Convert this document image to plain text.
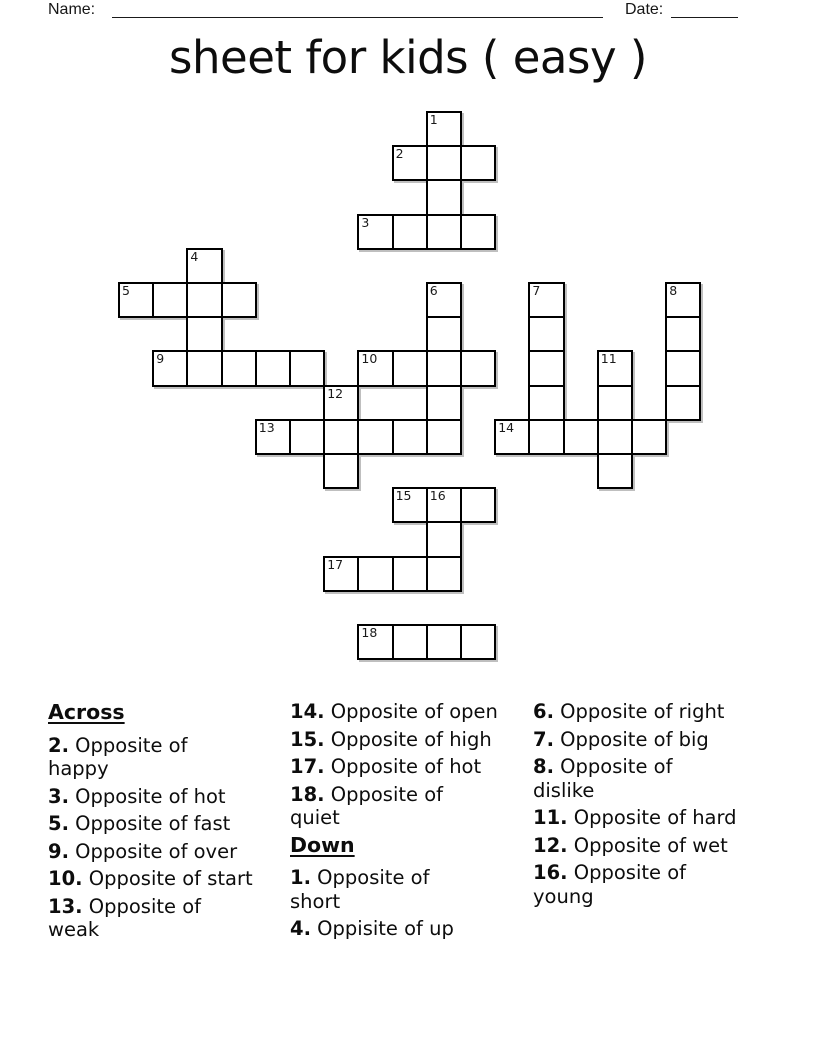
Name:	Date:
sheet for kids ( easy )
1
2
3
4
5	6	7	8
9	10	11
12
13	14
15 16
17
18
Across
2. Opposite of
happy
3. Opposite of hot
5. Opposite of fast
9. Opposite of over
10. Opposite of start
13. Opposite of
weak
14. Opposite of open
15. Opposite of high
17. Opposite of hot
18. Opposite of
quiet
Down
1. Opposite of
short
4. Oppisite of up
6. Opposite of right
7. Opposite of big
8. Opposite of
dislike
11. Opposite of hard
12. Opposite of wet
16. Opposite of
young
